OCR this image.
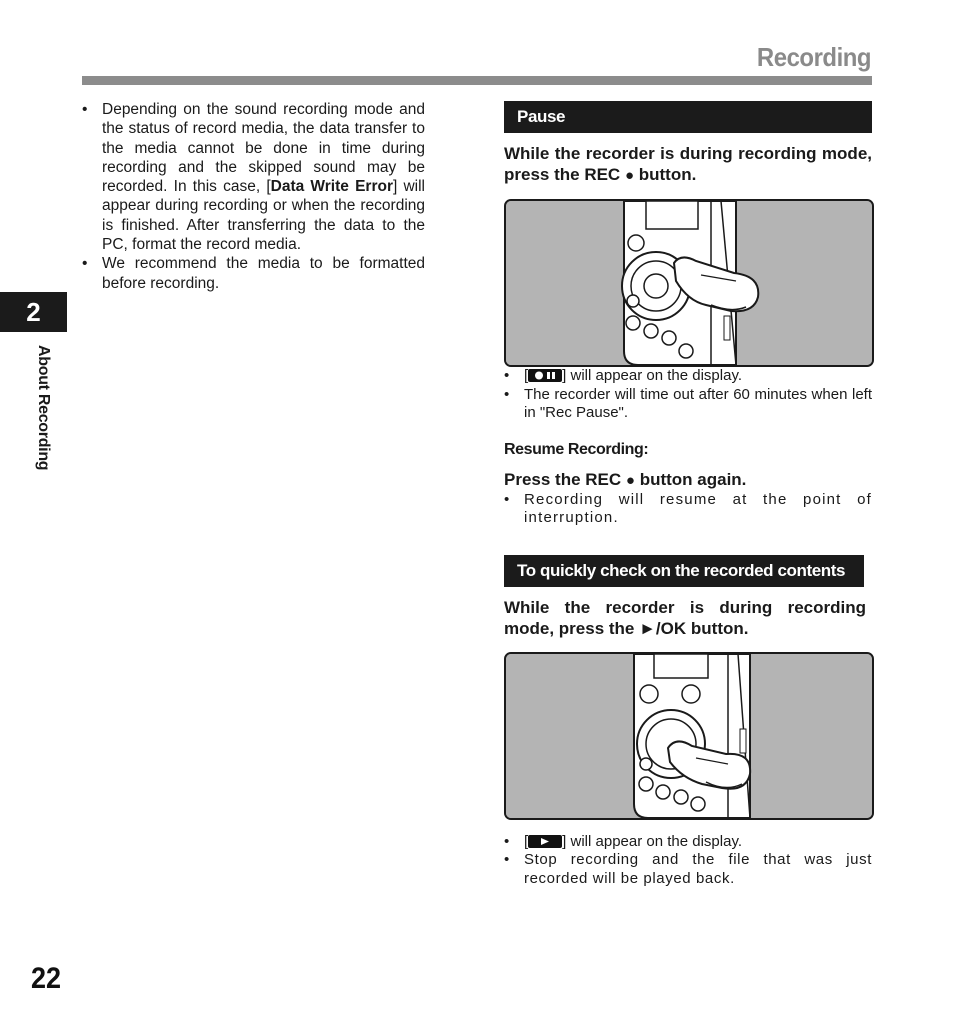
Recording
2
About Recording
22
• Depending on the sound recording mode and the status of record media, the data transfer to the media cannot be done in time during recording and the skipped sound may be recorded. In this case, [Data Write Error] will appear during recording or when the recording is finished. After transferring the data to the PC, format the record media.
• We recommend the media to be formatted before recording.
Pause
While the recorder is during recording mode, press the REC ● button.
• [ ] will appear on the display.
• The recorder will time out after 60 minutes when left in "Rec Pause".
Resume Recording:
Press the REC ● button again.
• Recording will resume at the point of interruption.
To quickly check on the recorded contents
While the recorder is during recording mode, press the ►/OK button.
• [ ] will appear on the display.
• Stop recording and the file that was just recorded will be played back.
